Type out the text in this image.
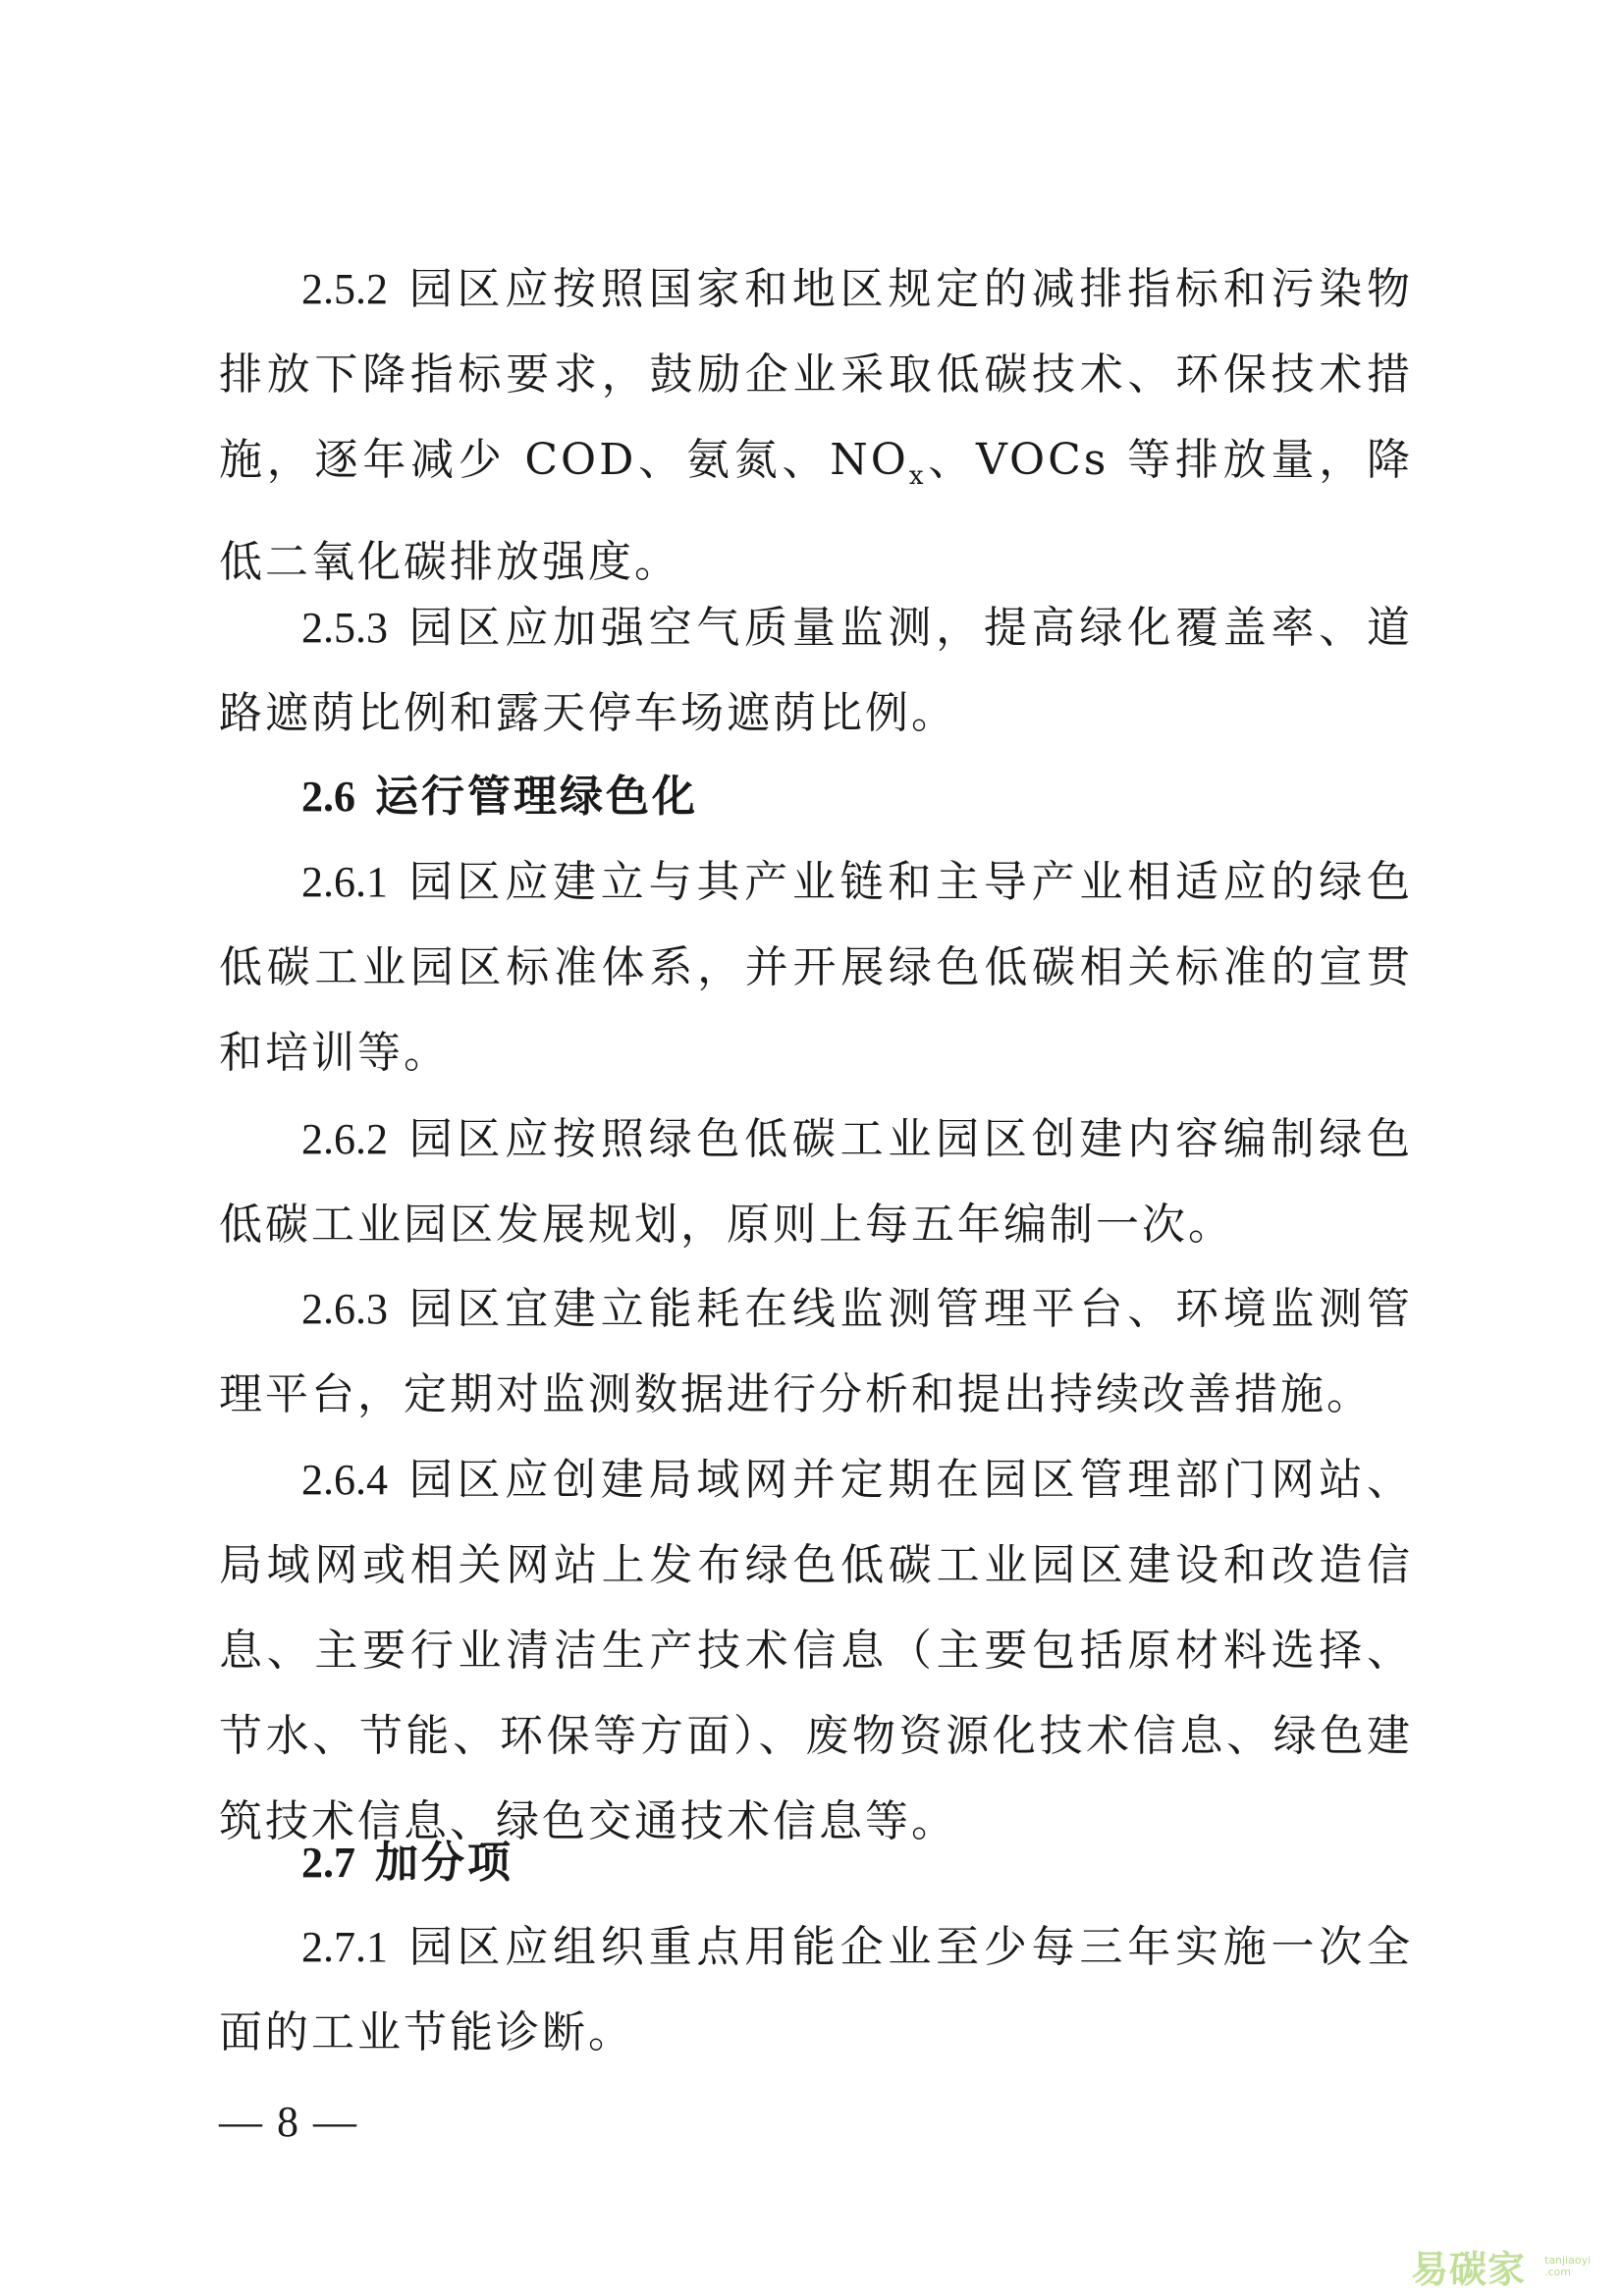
2.5.2 园区应按照国家和地区规定的减排指标和污染物排放下降指标要求，鼓励企业采取低碳技术、环保技术措施，逐年减少 COD、氨氮、$NO_x$、VOCs 等排放量，降低二氧化碳排放强度。

2.5.3 园区应加强空气质量监测，提高绿化覆盖率、道路遮荫比例和露天停车场遮荫比例。

2.6 运行管理绿色化

2.6.1 园区应建立与其产业链和主导产业相适应的绿色低碳工业园区标准体系，并开展绿色低碳相关标准的宣贯和培训等。

2.6.2 园区应按照绿色低碳工业园区创建内容编制绿色低碳工业园区发展规划，原则上每五年编制一次。

2.6.3 园区宜建立能耗在线监测管理平台、环境监测管理平台，定期对监测数据进行分析和提出持续改善措施。

2.6.4 园区应创建局域网并定期在园区管理部门网站、局域网或相关网站上发布绿色低碳工业园区建设和改造信息、主要行业清洁生产技术信息（主要包括原材料选择、节水、节能、环保等方面）、废物资源化技术信息、绿色建筑技术信息、绿色交通技术信息等。

2.7 加分项

2.7.1 园区应组织重点用能企业至少每三年实施一次全面的工业节能诊断。

— 8 —
易碳家 tanjiaoyi .com
